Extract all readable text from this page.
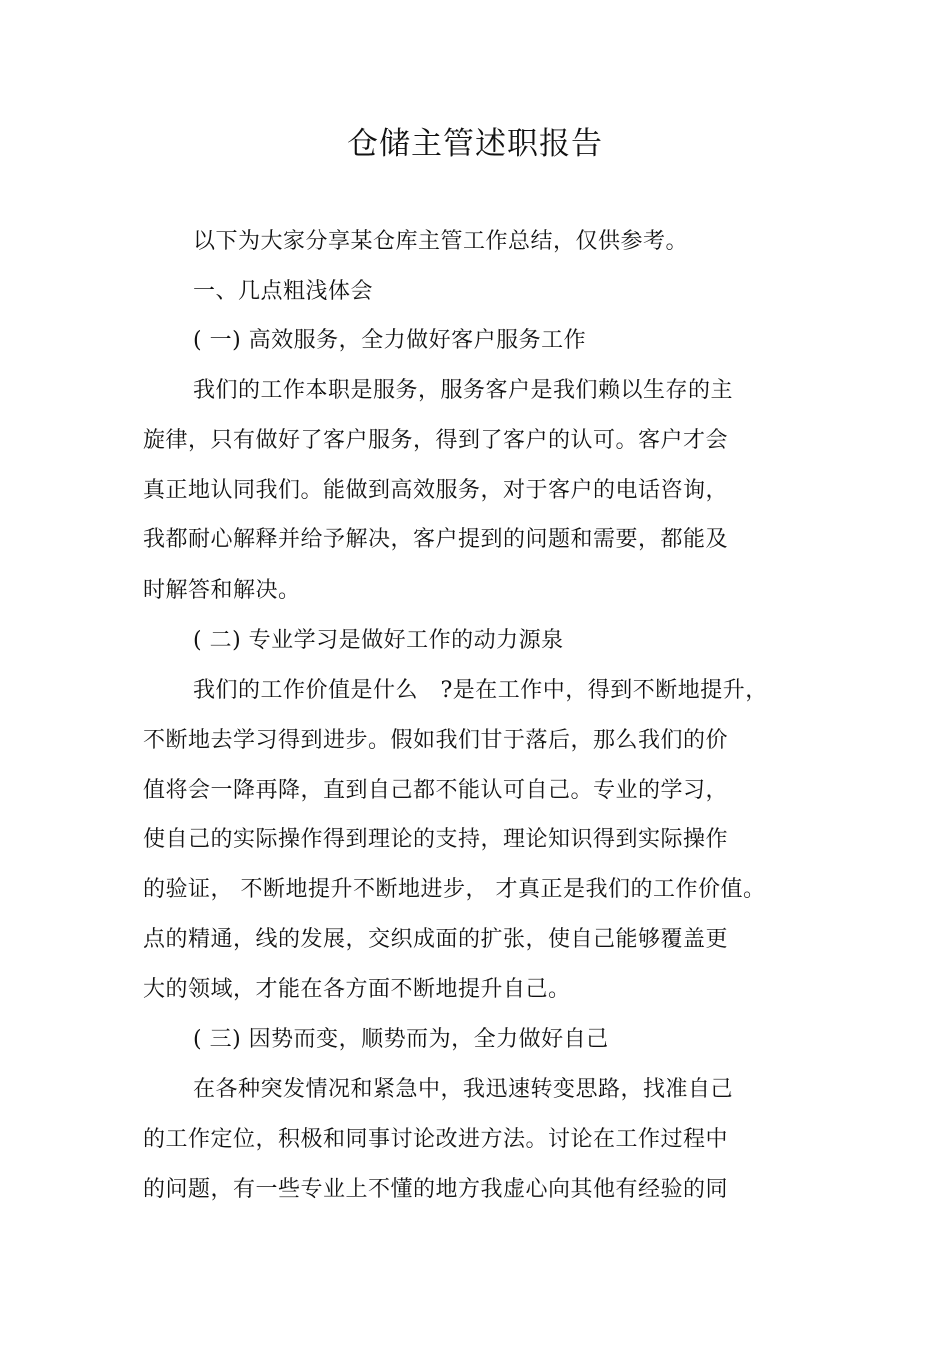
仓储主管述职报告
以下为大家分享某仓库主管工作总结，仅供参考。
一、几点粗浅体会
( 一) 高效服务，全力做好客户服务工作
我们的工作本职是服务，服务客户是我们赖以生存的主
旋律，只有做好了客户服务，得到了客户的认可。客户才会
真正地认同我们。能做到高效服务，对于客户的电话咨询，
我都耐心解释并给予解决，客户提到的问题和需要，都能及
时解答和解决。
( 二) 专业学习是做好工作的动力源泉
我们的工作价值是什么　?是在工作中，得到不断地提升，
不断地去学习得到进步。假如我们甘于落后，那么我们的价
值将会一降再降，直到自己都不能认可自己。专业的学习，
使自己的实际操作得到理论的支持，理论知识得到实际操作
的验证， 不断地提升不断地进步， 才真正是我们的工作价值。
点的精通，线的发展，交织成面的扩张，使自己能够覆盖更
大的领域，才能在各方面不断地提升自己。
( 三) 因势而变，顺势而为，全力做好自己
在各种突发情况和紧急中，我迅速转变思路，找准自己
的工作定位，积极和同事讨论改进方法。讨论在工作过程中
的问题，有一些专业上不懂的地方我虚心向其他有经验的同
